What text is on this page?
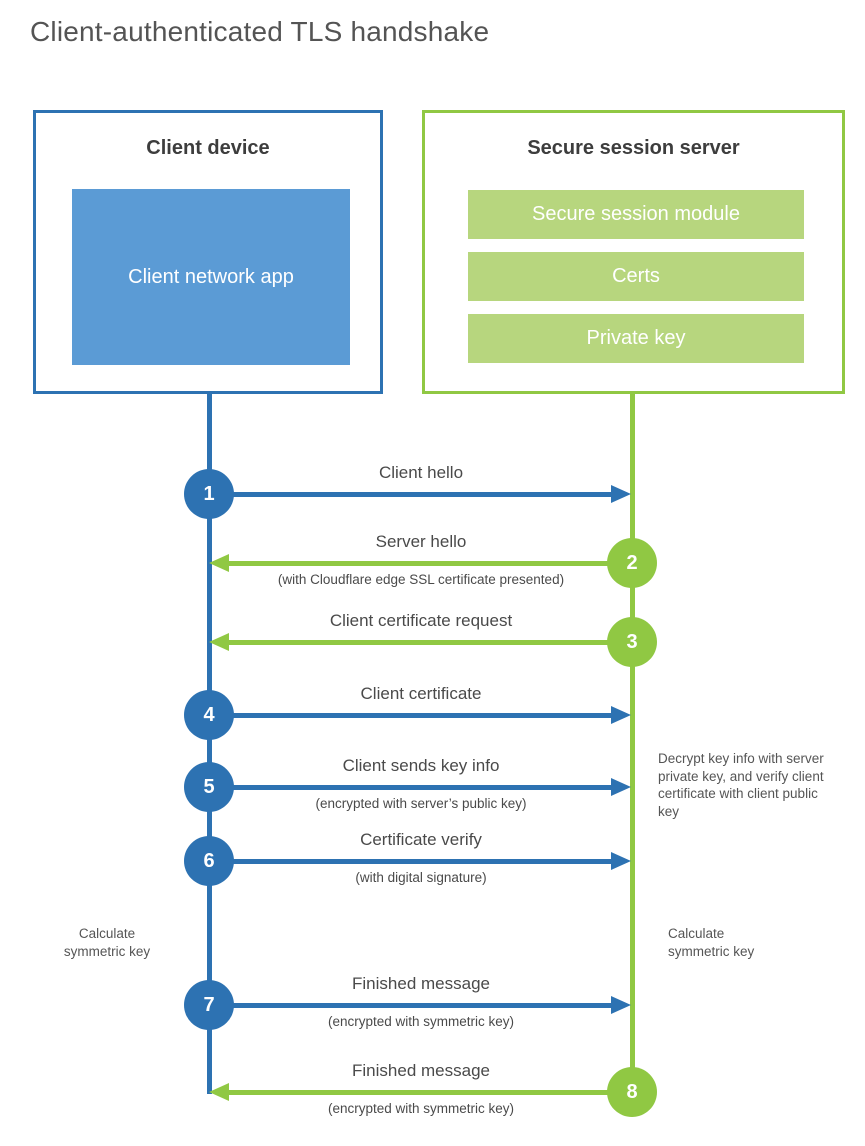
Client-authenticated TLS handshake
Client device
Client network app
Secure session server
Secure session module
Certs
Private key
Client hello
1
Server hello
(with Cloudflare edge SSL certificate presented)
2
Client certificate request
3
Client certificate
4
Client sends key info
(encrypted with server’s public key)
5
Certificate verify
(with digital signature)
6
Finished message
(encrypted with symmetric key)
7
Finished message
(encrypted with symmetric key)
8
Decrypt key info with server private key, and verify client certificate with client public key
Calculate symmetric key
Calculate symmetric key
